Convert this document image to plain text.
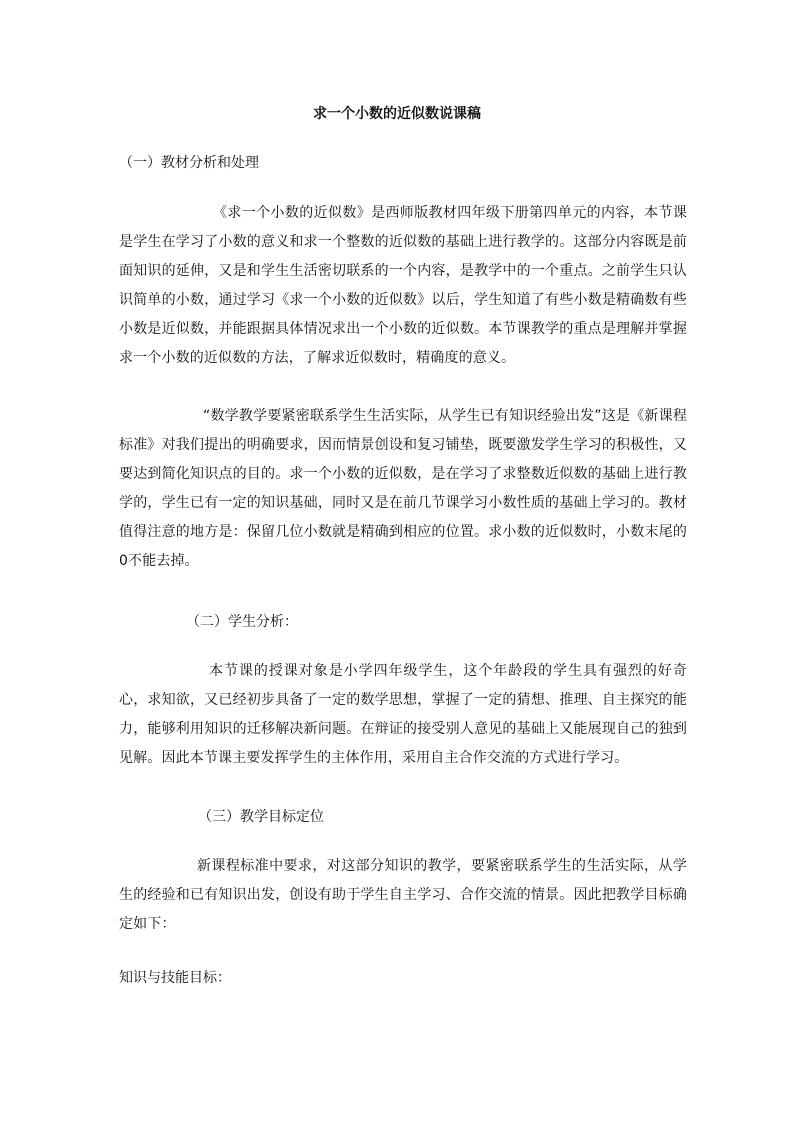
求一个小数的近似数说课稿
（一）教材分析和处理
《求一个小数的近似数》是西师版教材四年级下册第四单元的内容，本节课是学生在学习了小数的意义和求一个整数的近似数的基础上进行教学的。这部分内容既是前面知识的延伸，又是和学生生活密切联系的一个内容，是教学中的一个重点。之前学生只认识简单的小数，通过学习《求一个小数的近似数》以后，学生知道了有些小数是精确数有些小数是近似数，并能跟据具体情况求出一个小数的近似数。本节课教学的重点是理解并掌握求一个小数的近似数的方法，了解求近似数时，精确度的意义。
“数学教学要紧密联系学生生活实际，从学生已有知识经验出发”这是《新课程标准》对我们提出的明确要求，因而情景创设和复习铺垫，既要激发学生学习的积极性，又要达到简化知识点的目的。求一个小数的近似数，是在学习了求整数近似数的基础上进行教学的，学生已有一定的知识基础，同时又是在前几节课学习小数性质的基础上学习的。教材值得注意的地方是：保留几位小数就是精确到相应的位置。求小数的近似数时，小数末尾的0不能去掉。
（二）学生分析：
本节课的授课对象是小学四年级学生，这个年龄段的学生具有强烈的好奇心，求知欲，又已经初步具备了一定的数学思想，掌握了一定的猜想、推理、自主探究的能力，能够利用知识的迁移解决新问题。在辩证的接受别人意见的基础上又能展现自己的独到见解。因此本节课主要发挥学生的主体作用，采用自主合作交流的方式进行学习。
（三）教学目标定位
新课程标准中要求，对这部分知识的教学，要紧密联系学生的生活实际，从学生的经验和已有知识出发，创设有助于学生自主学习、合作交流的情景。因此把教学目标确定如下：
知识与技能目标：
